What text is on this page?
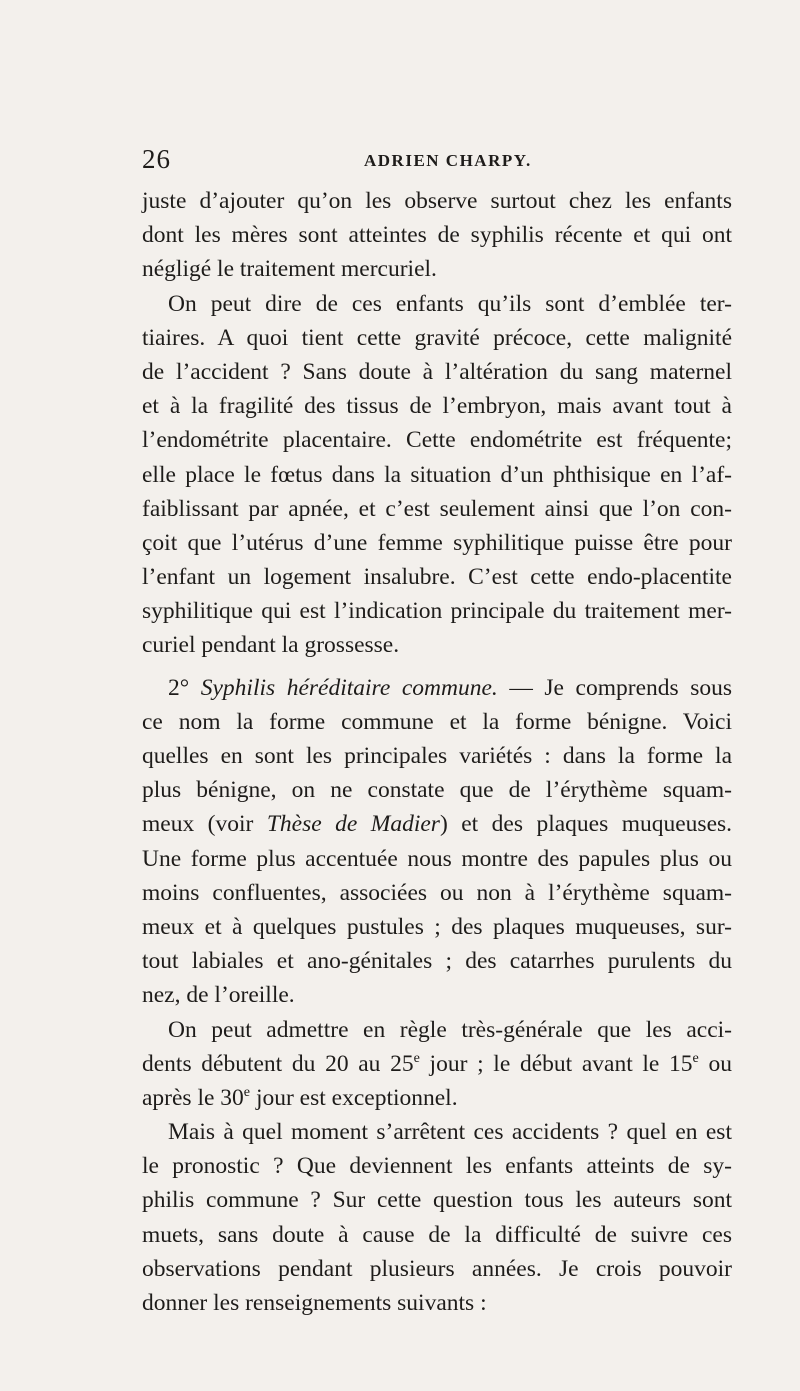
26	ADRIEN CHARPY.
juste d’ajouter qu’on les observe surtout chez les enfants
dont les mères sont atteintes de syphilis récente et qui ont
négligé le traitement mercuriel.
On peut dire de ces enfants qu’ils sont d’emblée ter-
tiaires. A quoi tient cette gravité précoce, cette malignité
de l’accident ? Sans doute à l’altération du sang maternel
et à la fragilité des tissus de l’embryon, mais avant tout à
l’endométrite placentaire. Cette endométrite est fréquente;
elle place le fœtus dans la situation d’un phthisique en l’af-
faiblissant par apnée, et c’est seulement ainsi que l’on con-
çoit que l’utérus d’une femme syphilitique puisse être pour
l’enfant un logement insalubre. C’est cette endo-placentite
syphilitique qui est l’indication principale du traitement mer-
curiel pendant la grossesse.
2° Syphilis héréditaire commune. — Je comprends sous
ce nom la forme commune et la forme bénigne. Voici
quelles en sont les principales variétés : dans la forme la
plus bénigne, on ne constate que de l’érythème squam-
meux (voir Thèse de Madier) et des plaques muqueuses.
Une forme plus accentuée nous montre des papules plus ou
moins confluentes, associées ou non à l’érythème squam-
meux et à quelques pustules ; des plaques muqueuses, sur-
tout labiales et ano-génitales ; des catarrhes purulents du
nez, de l’oreille.
On peut admettre en règle très-générale que les acci-
dents débutent du 20 au 25e jour ; le début avant le 15e ou
après le 30e jour est exceptionnel.
Mais à quel moment s’arrêtent ces accidents ? quel en est
le pronostic ? Que deviennent les enfants atteints de sy-
philis commune ? Sur cette question tous les auteurs sont
muets, sans doute à cause de la difficulté de suivre ces
observations pendant plusieurs années. Je crois pouvoir
donner les renseignements suivants :
